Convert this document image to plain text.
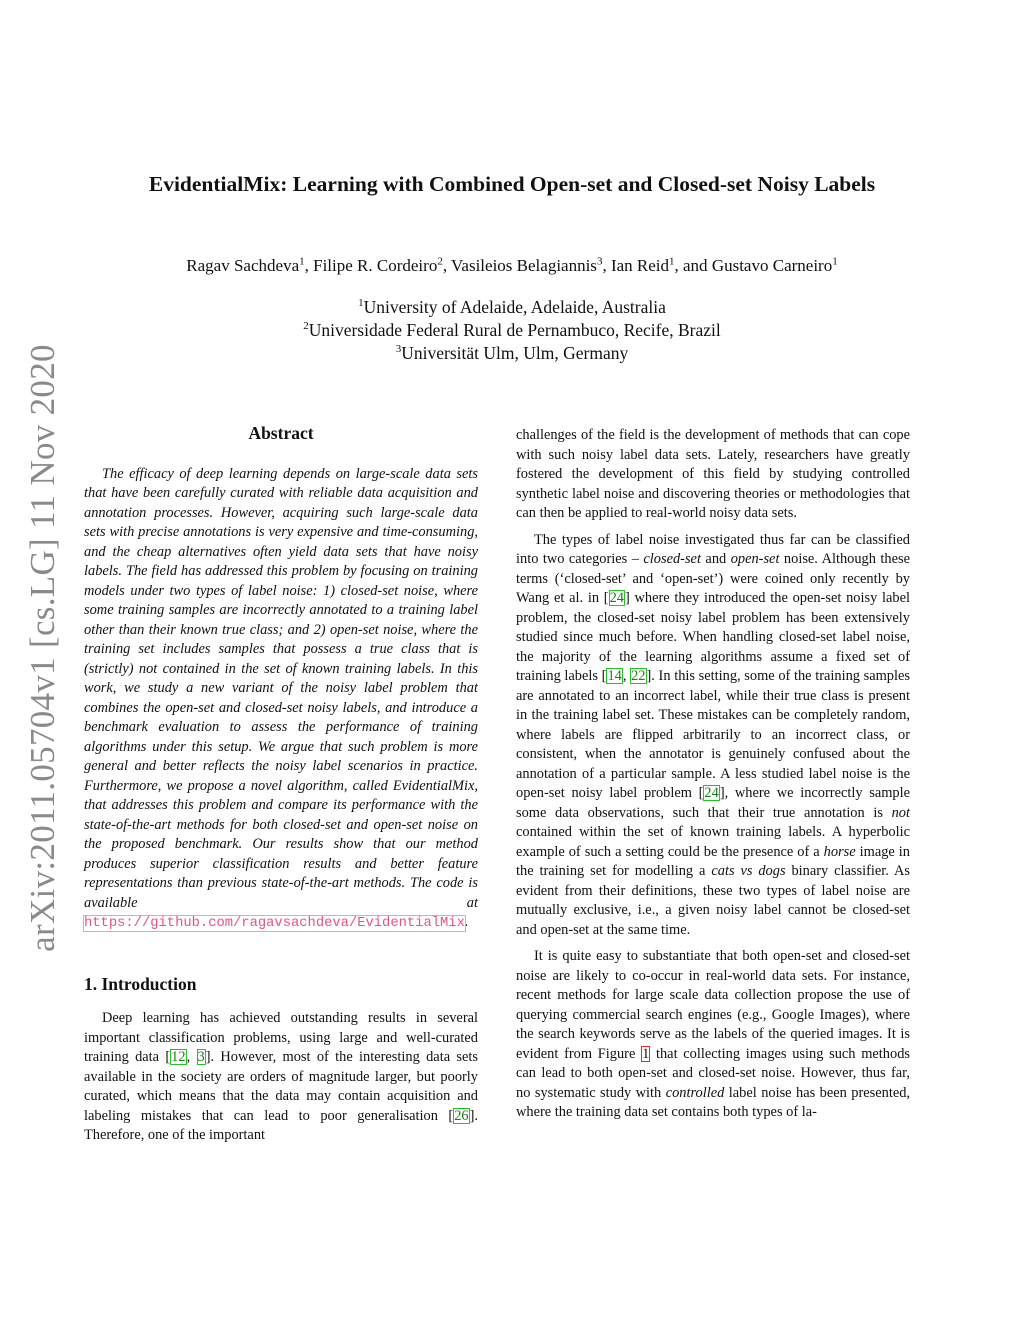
arXiv:2011.05704v1 [cs.LG] 11 Nov 2020
EvidentialMix: Learning with Combined Open-set and Closed-set Noisy Labels
Ragav Sachdeva$^1$, Filipe R. Cordeiro$^2$, Vasileios Belagiannis$^3$, Ian Reid$^1$, and Gustavo Carneiro$^1$
$^1$University of Adelaide, Adelaide, Australia
$^2$Universidade Federal Rural de Pernambuco, Recife, Brazil
$^3$Universität Ulm, Ulm, Germany
Abstract

The efficacy of deep learning depends on large-scale data sets that have been carefully curated with reliable data acquisition and annotation processes. However, acquiring such large-scale data sets with precise annotations is very expensive and time-consuming, and the cheap alternatives often yield data sets that have noisy labels. The field has addressed this problem by focusing on training models under two types of label noise: 1) closed-set noise, where some training samples are incorrectly annotated to a training label other than their known true class; and 2) open-set noise, where the training set includes samples that possess a true class that is (strictly) not contained in the set of known training labels. In this work, we study a new variant of the noisy label problem that combines the open-set and closed-set noisy labels, and introduce a benchmark evaluation to assess the performance of training algorithms under this setup. We argue that such problem is more general and better reflects the noisy label scenarios in practice. Furthermore, we propose a novel algorithm, called EvidentialMix, that addresses this problem and compare its performance with the state-of-the-art methods for both closed-set and open-set noise on the proposed benchmark. Our results show that our method produces superior classification results and better feature representations than previous state-of-the-art methods. The code is available at https://github.com/ragavsachdeva/EvidentialMix.

1. Introduction

Deep learning has achieved outstanding results in several important classification problems, using large and well-curated training data [12, 3]. However, most of the interesting data sets available in the society are orders of magnitude larger, but poorly curated, which means that the data may contain acquisition and labeling mistakes that can lead to poor generalisation [26]. Therefore, one of the important

challenges of the field is the development of methods that can cope with such noisy label data sets. Lately, researchers have greatly fostered the development of this field by studying controlled synthetic label noise and discovering theories or methodologies that can then be applied to real-world noisy data sets.

The types of label noise investigated thus far can be classified into two categories – closed-set and open-set noise. Although these terms (‘closed-set’ and ‘open-set’) were coined only recently by Wang et al. in [24] where they introduced the open-set noisy label problem, the closed-set noisy label problem has been extensively studied since much before. When handling closed-set label noise, the majority of the learning algorithms assume a fixed set of training labels [14, 22]. In this setting, some of the training samples are annotated to an incorrect label, while their true class is present in the training label set. These mistakes can be completely random, where labels are flipped arbitrarily to an incorrect class, or consistent, when the annotator is genuinely confused about the annotation of a particular sample. A less studied label noise is the open-set noisy label problem [24], where we incorrectly sample some data observations, such that their true annotation is not contained within the set of known training labels. A hyperbolic example of such a setting could be the presence of a horse image in the training set for modelling a cats vs dogs binary classifier. As evident from their definitions, these two types of label noise are mutually exclusive, i.e., a given noisy label cannot be closed-set and open-set at the same time.

It is quite easy to substantiate that both open-set and closed-set noise are likely to co-occur in real-world data sets. For instance, recent methods for large scale data collection propose the use of querying commercial search engines (e.g., Google Images), where the search keywords serve as the labels of the queried images. It is evident from Figure 1 that collecting images using such methods can lead to both open-set and closed-set noise. However, thus far, no systematic study with controlled label noise has been presented, where the training data set contains both types of la-
